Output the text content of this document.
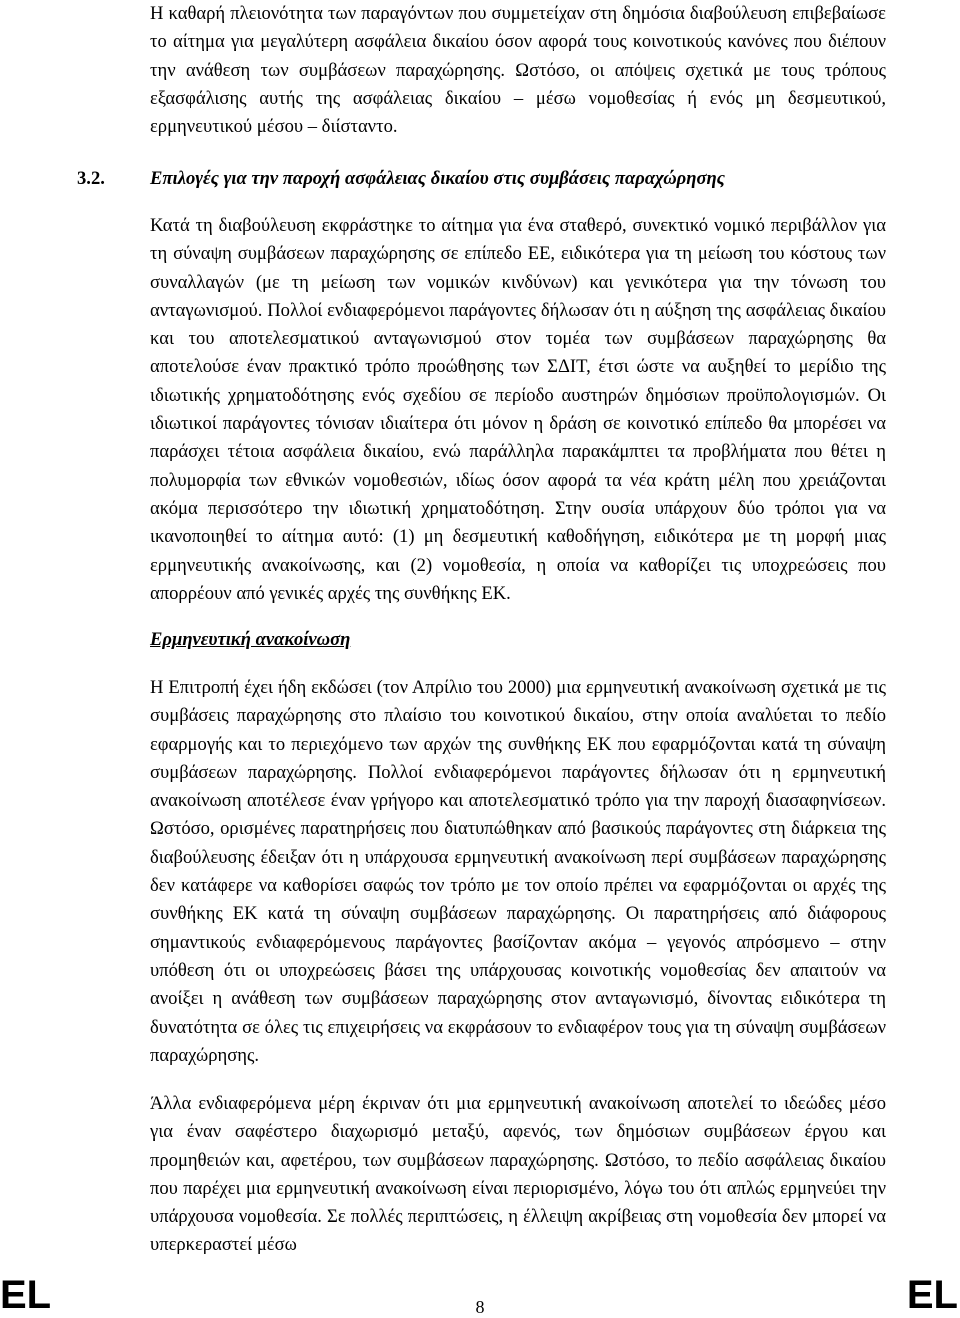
Η καθαρή πλειονότητα των παραγόντων που συμμετείχαν στη δημόσια διαβούλευση επιβεβαίωσε το αίτημα για μεγαλύτερη ασφάλεια δικαίου όσον αφορά τους κοινοτικούς κανόνες που διέπουν την ανάθεση των συμβάσεων παραχώρησης. Ωστόσο, οι απόψεις σχετικά με τους τρόπους εξασφάλισης αυτής της ασφάλειας δικαίου – μέσω νομοθεσίας ή ενός μη δεσμευτικού, ερμηνευτικού μέσου – διίσταντο.

3.2. Επιλογές για την παροχή ασφάλειας δικαίου στις συμβάσεις παραχώρησης

Κατά τη διαβούλευση εκφράστηκε το αίτημα για ένα σταθερό, συνεκτικό νομικό περιβάλλον για τη σύναψη συμβάσεων παραχώρησης σε επίπεδο ΕΕ, ειδικότερα για τη μείωση του κόστους των συναλλαγών (με τη μείωση των νομικών κινδύνων) και γενικότερα για την τόνωση του ανταγωνισμού. Πολλοί ενδιαφερόμενοι παράγοντες δήλωσαν ότι η αύξηση της ασφάλειας δικαίου και του αποτελεσματικού ανταγωνισμού στον τομέα των συμβάσεων παραχώρησης θα αποτελούσε έναν πρακτικό τρόπο προώθησης των ΣΔΙΤ, έτσι ώστε να αυξηθεί το μερίδιο της ιδιωτικής χρηματοδότησης ενός σχεδίου σε περίοδο αυστηρών δημόσιων προϋπολογισμών. Οι ιδιωτικοί παράγοντες τόνισαν ιδιαίτερα ότι μόνον η δράση σε κοινοτικό επίπεδο θα μπορέσει να παράσχει τέτοια ασφάλεια δικαίου, ενώ παράλληλα παρακάμπτει τα προβλήματα που θέτει η πολυμορφία των εθνικών νομοθεσιών, ιδίως όσον αφορά τα νέα κράτη μέλη που χρειάζονται ακόμα περισσότερο την ιδιωτική χρηματοδότηση. Στην ουσία υπάρχουν δύο τρόποι για να ικανοποιηθεί το αίτημα αυτό: (1) μη δεσμευτική καθοδήγηση, ειδικότερα με τη μορφή μιας ερμηνευτικής ανακοίνωσης, και (2) νομοθεσία, η οποία να καθορίζει τις υποχρεώσεις που απορρέουν από γενικές αρχές της συνθήκης ΕΚ.

Ερμηνευτική ανακοίνωση

Η Επιτροπή έχει ήδη εκδώσει (τον Απρίλιο του 2000) μια ερμηνευτική ανακοίνωση σχετικά με τις συμβάσεις παραχώρησης στο πλαίσιο του κοινοτικού δικαίου, στην οποία αναλύεται το πεδίο εφαρμογής και το περιεχόμενο των αρχών της συνθήκης ΕΚ που εφαρμόζονται κατά τη σύναψη συμβάσεων παραχώρησης. Πολλοί ενδιαφερόμενοι παράγοντες δήλωσαν ότι η ερμηνευτική ανακοίνωση αποτέλεσε έναν γρήγορο και αποτελεσματικό τρόπο για την παροχή διασαφηνίσεων. Ωστόσο, ορισμένες παρατηρήσεις που διατυπώθηκαν από βασικούς παράγοντες στη διάρκεια της διαβούλευσης έδειξαν ότι η υπάρχουσα ερμηνευτική ανακοίνωση περί συμβάσεων παραχώρησης δεν κατάφερε να καθορίσει σαφώς τον τρόπο με τον οποίο πρέπει να εφαρμόζονται οι αρχές της συνθήκης ΕΚ κατά τη σύναψη συμβάσεων παραχώρησης. Οι παρατηρήσεις από διάφορους σημαντικούς ενδιαφερόμενους παράγοντες βασίζονταν ακόμα – γεγονός απρόσμενο – στην υπόθεση ότι οι υποχρεώσεις βάσει της υπάρχουσας κοινοτικής νομοθεσίας δεν απαιτούν να ανοίξει η ανάθεση των συμβάσεων παραχώρησης στον ανταγωνισμό, δίνοντας ειδικότερα τη δυνατότητα σε όλες τις επιχειρήσεις να εκφράσουν το ενδιαφέρον τους για τη σύναψη συμβάσεων παραχώρησης.

Άλλα ενδιαφερόμενα μέρη έκριναν ότι μια ερμηνευτική ανακοίνωση αποτελεί το ιδεώδες μέσο για έναν σαφέστερο διαχωρισμό μεταξύ, αφενός, των δημόσιων συμβάσεων έργου και προμηθειών και, αφετέρου, των συμβάσεων παραχώρησης. Ωστόσο, το πεδίο ασφάλειας δικαίου που παρέχει μια ερμηνευτική ανακοίνωση είναι περιορισμένο, λόγω του ότι απλώς ερμηνεύει την υπάρχουσα νομοθεσία. Σε πολλές περιπτώσεις, η έλλειψη ακρίβειας στη νομοθεσία δεν μπορεί να υπερκεραστεί μέσω

EL	8	EL
